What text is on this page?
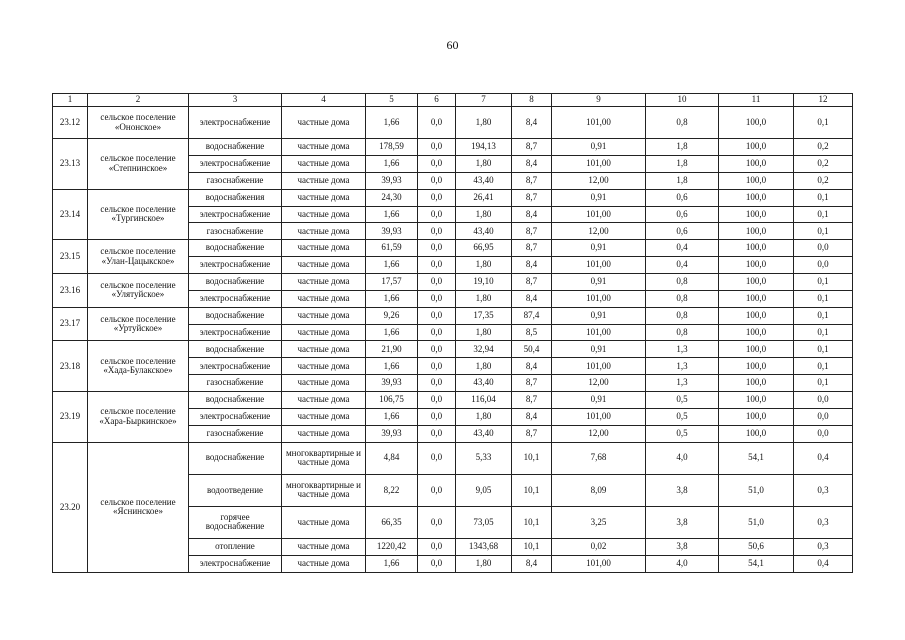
60
1	2	3	4	5	6	7	8	9	10	11	12
23.12	сельское поселение «Ононское»	электроснабжение	частные дома	1,66	0,0	1,80	8,4	101,00	0,8	100,0	0,1
23.13	сельское поселение «Степнинское»	водоснабжение	частные дома	178,59	0,0	194,13	8,7	0,91	1,8	100,0	0,2
		электроснабжение	частные дома	1,66	0,0	1,80	8,4	101,00	1,8	100,0	0,2
		газоснабжение	частные дома	39,93	0,0	43,40	8,7	12,00	1,8	100,0	0,2
23.14	сельское поселение «Тургинское»	водоснабжения	частные дома	24,30	0,0	26,41	8,7	0,91	0,6	100,0	0,1
		электроснабжение	частные дома	1,66	0,0	1,80	8,4	101,00	0,6	100,0	0,1
		газоснабжение	частные дома	39,93	0,0	43,40	8,7	12,00	0,6	100,0	0,1
23.15	сельское поселение «Улан-Цацыкское»	водоснабжение	частные дома	61,59	0,0	66,95	8,7	0,91	0,4	100,0	0,0
		электроснабжение	частные дома	1,66	0,0	1,80	8,4	101,00	0,4	100,0	0,0
23.16	сельское поселение «Улятуйское»	водоснабжение	частные дома	17,57	0,0	19,10	8,7	0,91	0,8	100,0	0,1
		электроснабжение	частные дома	1,66	0,0	1,80	8,4	101,00	0,8	100,0	0,1
23.17	сельское поселение «Уртуйское»	водоснабжение	частные дома	9,26	0,0	17,35	87,4	0,91	0,8	100,0	0,1
		электроснабжение	частные дома	1,66	0,0	1,80	8,5	101,00	0,8	100,0	0,1
23.18	сельское поселение «Хада-Булакское»	водоснабжение	частные дома	21,90	0,0	32,94	50,4	0,91	1,3	100,0	0,1
		электроснабжение	частные дома	1,66	0,0	1,80	8,4	101,00	1,3	100,0	0,1
		газоснабжение	частные дома	39,93	0,0	43,40	8,7	12,00	1,3	100,0	0,1
23.19	сельское поселение «Хара-Быркинское»	водоснабжение	частные дома	106,75	0,0	116,04	8,7	0,91	0,5	100,0	0,0
		электроснабжение	частные дома	1,66	0,0	1,80	8,4	101,00	0,5	100,0	0,0
		газоснабжение	частные дома	39,93	0,0	43,40	8,7	12,00	0,5	100,0	0,0
23.20	сельское поселение «Яснинское»	водоснабжение	многоквартирные и частные дома	4,84	0,0	5,33	10,1	7,68	4,0	54,1	0,4
		водоотведение	многоквартирные и частные дома	8,22	0,0	9,05	10,1	8,09	3,8	51,0	0,3
		горячее водоснабжение	частные дома	66,35	0,0	73,05	10,1	3,25	3,8	51,0	0,3
		отопление	частные дома	1220,42	0,0	1343,68	10,1	0,02	3,8	50,6	0,3
		электроснабжение	частные дома	1,66	0,0	1,80	8,4	101,00	4,0	54,1	0,4
